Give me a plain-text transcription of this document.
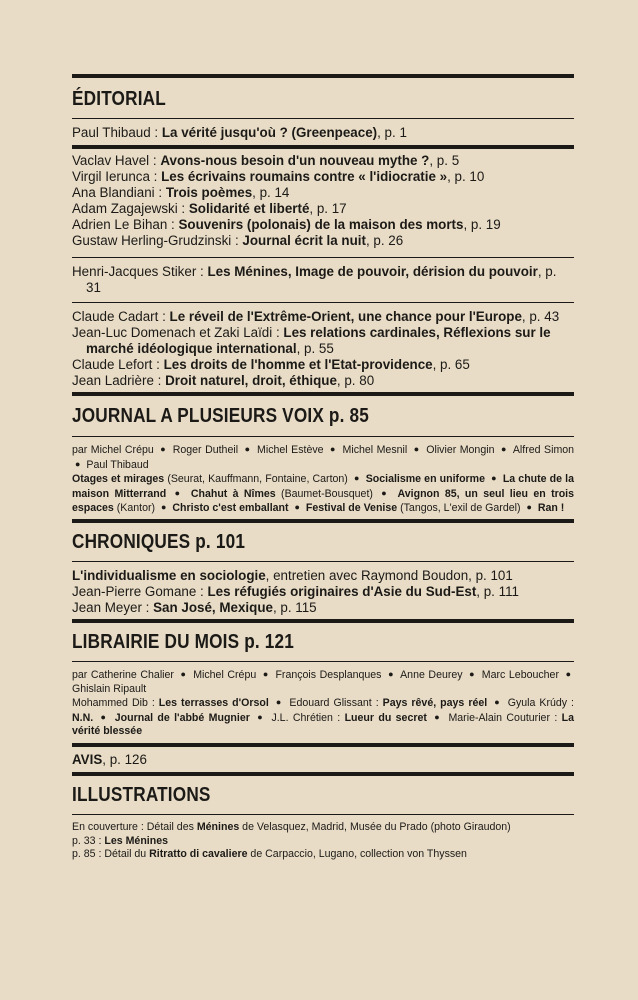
ÉDITORIAL
Paul Thibaud : La vérité jusqu'où ? (Greenpeace), p. 1
Vaclav Havel : Avons-nous besoin d'un nouveau mythe ?, p. 5
Virgil Ierunca : Les écrivains roumains contre « l'idiocratie », p. 10
Ana Blandiani : Trois poèmes, p. 14
Adam Zagajewski : Solidarité et liberté, p. 17
Adrien Le Bihan : Souvenirs (polonais) de la maison des morts, p. 19
Gustaw Herling-Grudzinski : Journal écrit la nuit, p. 26
Henri-Jacques Stiker : Les Ménines, Image de pouvoir, dérision du pouvoir, p. 31
Claude Cadart : Le réveil de l'Extrême-Orient, une chance pour l'Europe, p. 43
Jean-Luc Domenach et Zaki Laïdi : Les relations cardinales, Réflexions sur le marché idéologique international, p. 55
Claude Lefort : Les droits de l'homme et l'Etat-providence, p. 65
Jean Ladrière : Droit naturel, droit, éthique, p. 80
JOURNAL A PLUSIEURS VOIX p. 85
par Michel Crépu ● Roger Dutheil ● Michel Estève ● Michel Mesnil ● Olivier Mongin ● Alfred Simon ● Paul Thibaud
Otages et mirages (Seurat, Kauffmann, Fontaine, Carton) ● Socialisme en uniforme ● La chute de la maison Mitterrand ● Chahut à Nîmes (Baumet-Bousquet) ● Avignon 85, un seul lieu en trois espaces (Kantor) ● Christo c'est emballant ● Festival de Venise (Tangos, L'exil de Gardel) ● Ran !
CHRONIQUES p. 101
L'individualisme en sociologie, entretien avec Raymond Boudon, p. 101
Jean-Pierre Gomane : Les réfugiés originaires d'Asie du Sud-Est, p. 111
Jean Meyer : San José, Mexique, p. 115
LIBRAIRIE DU MOIS p. 121
par Catherine Chalier ● Michel Crépu ● François Desplanques ● Anne Deurey ● Marc Leboucher ● Ghislain Ripault
Mohammed Dib : Les terrasses d'Orsol ● Edouard Glissant : Pays rêvé, pays réel ● Gyula Krúdy : N.N. ● Journal de l'abbé Mugnier ● J.L. Chrétien : Lueur du secret ● Marie-Alain Couturier : La vérité blessée
AVIS, p. 126
ILLUSTRATIONS
En couverture : Détail des Ménines de Velasquez, Madrid, Musée du Prado (photo Giraudon)
p. 33 : Les Ménines
p. 85 : Détail du Ritratto di cavaliere de Carpaccio, Lugano, collection von Thyssen
